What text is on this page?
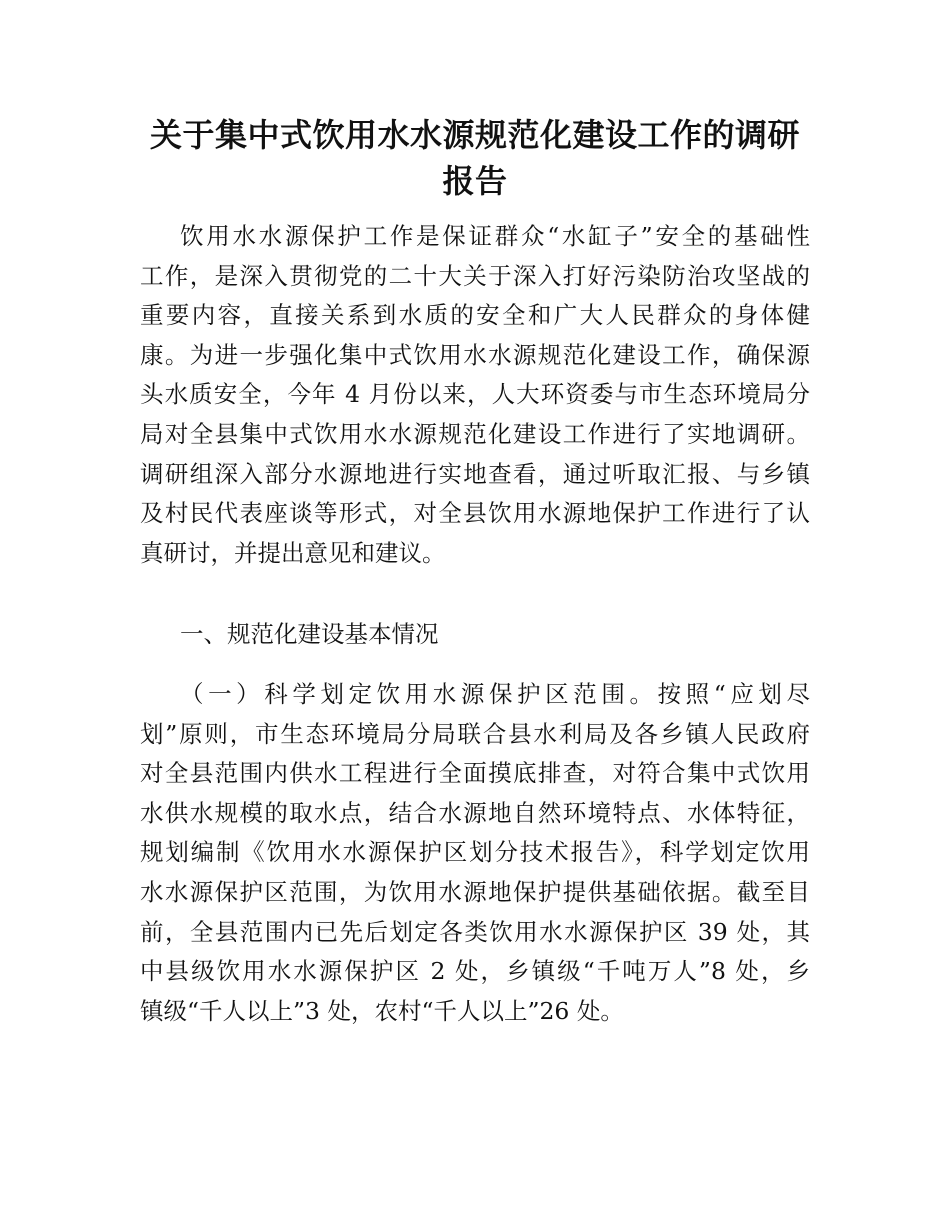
关于集中式饮用水水源规范化建设工作的调研
报告
饮用水水源保护工作是保证群众“水缸子”安全的基础性
工作，是深入贯彻党的二十大关于深入打好污染防治攻坚战的
重要内容，直接关系到水质的安全和广大人民群众的身体健
康。为进一步强化集中式饮用水水源规范化建设工作，确保源
头水质安全，今年 4 月份以来，人大环资委与市生态环境局分
局对全县集中式饮用水水源规范化建设工作进行了实地调研。
调研组深入部分水源地进行实地查看，通过听取汇报、与乡镇
及村民代表座谈等形式，对全县饮用水源地保护工作进行了认
真研讨，并提出意见和建议。
一、规范化建设基本情况
（一）科学划定饮用水源保护区范围。按照“应划尽
划”原则，市生态环境局分局联合县水利局及各乡镇人民政府
对全县范围内供水工程进行全面摸底排查，对符合集中式饮用
水供水规模的取水点，结合水源地自然环境特点、水体特征，
规划编制《饮用水水源保护区划分技术报告》，科学划定饮用
水水源保护区范围，为饮用水源地保护提供基础依据。截至目
前，全县范围内已先后划定各类饮用水水源保护区 39 处，其
中县级饮用水水源保护区 2 处，乡镇级“千吨万人”8 处，乡
镇级“千人以上”3 处，农村“千人以上”26 处。
